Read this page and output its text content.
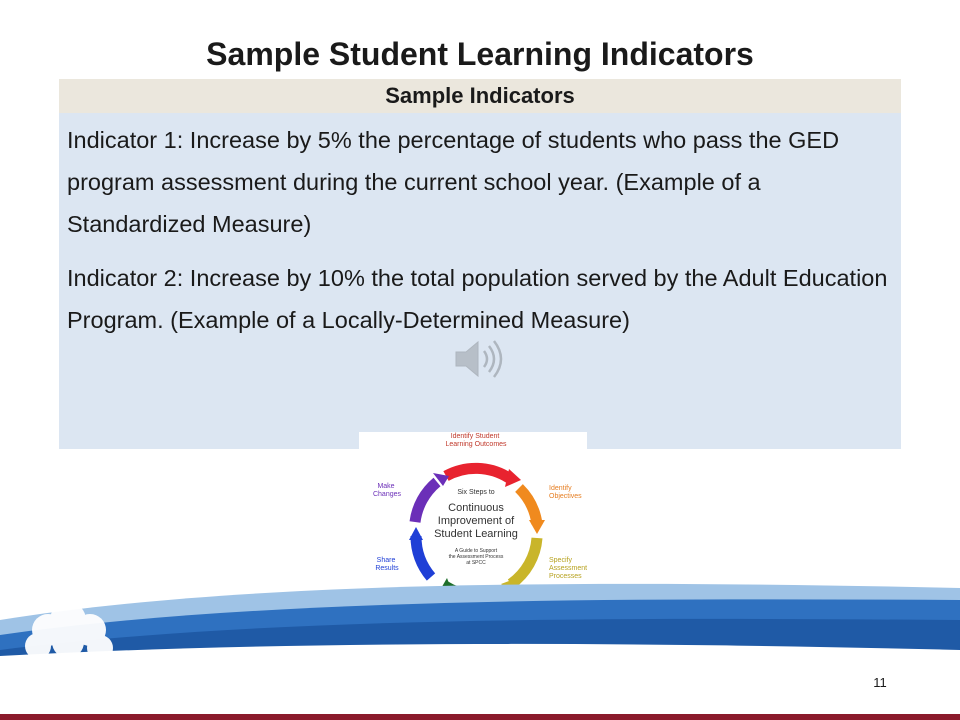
Sample Student Learning Indicators
Sample Indicators

Indicator 1: Increase by 5% the percentage of students who pass the GED program assessment during the current school year. (Example of a Standardized Measure)

Indicator 2: Increase by 10% the total population served by the Adult Education Program. (Example of a Locally-Determined Measure)

Identify Student Learning Outcomes
Identify Objectives
Specify Assessment Processes
Share Results
Make Changes	Six Steps to
Continuous
Improvement of
Student Learning
A Guide to Support
the Assessment Process
at SPCC
CSDE	11
